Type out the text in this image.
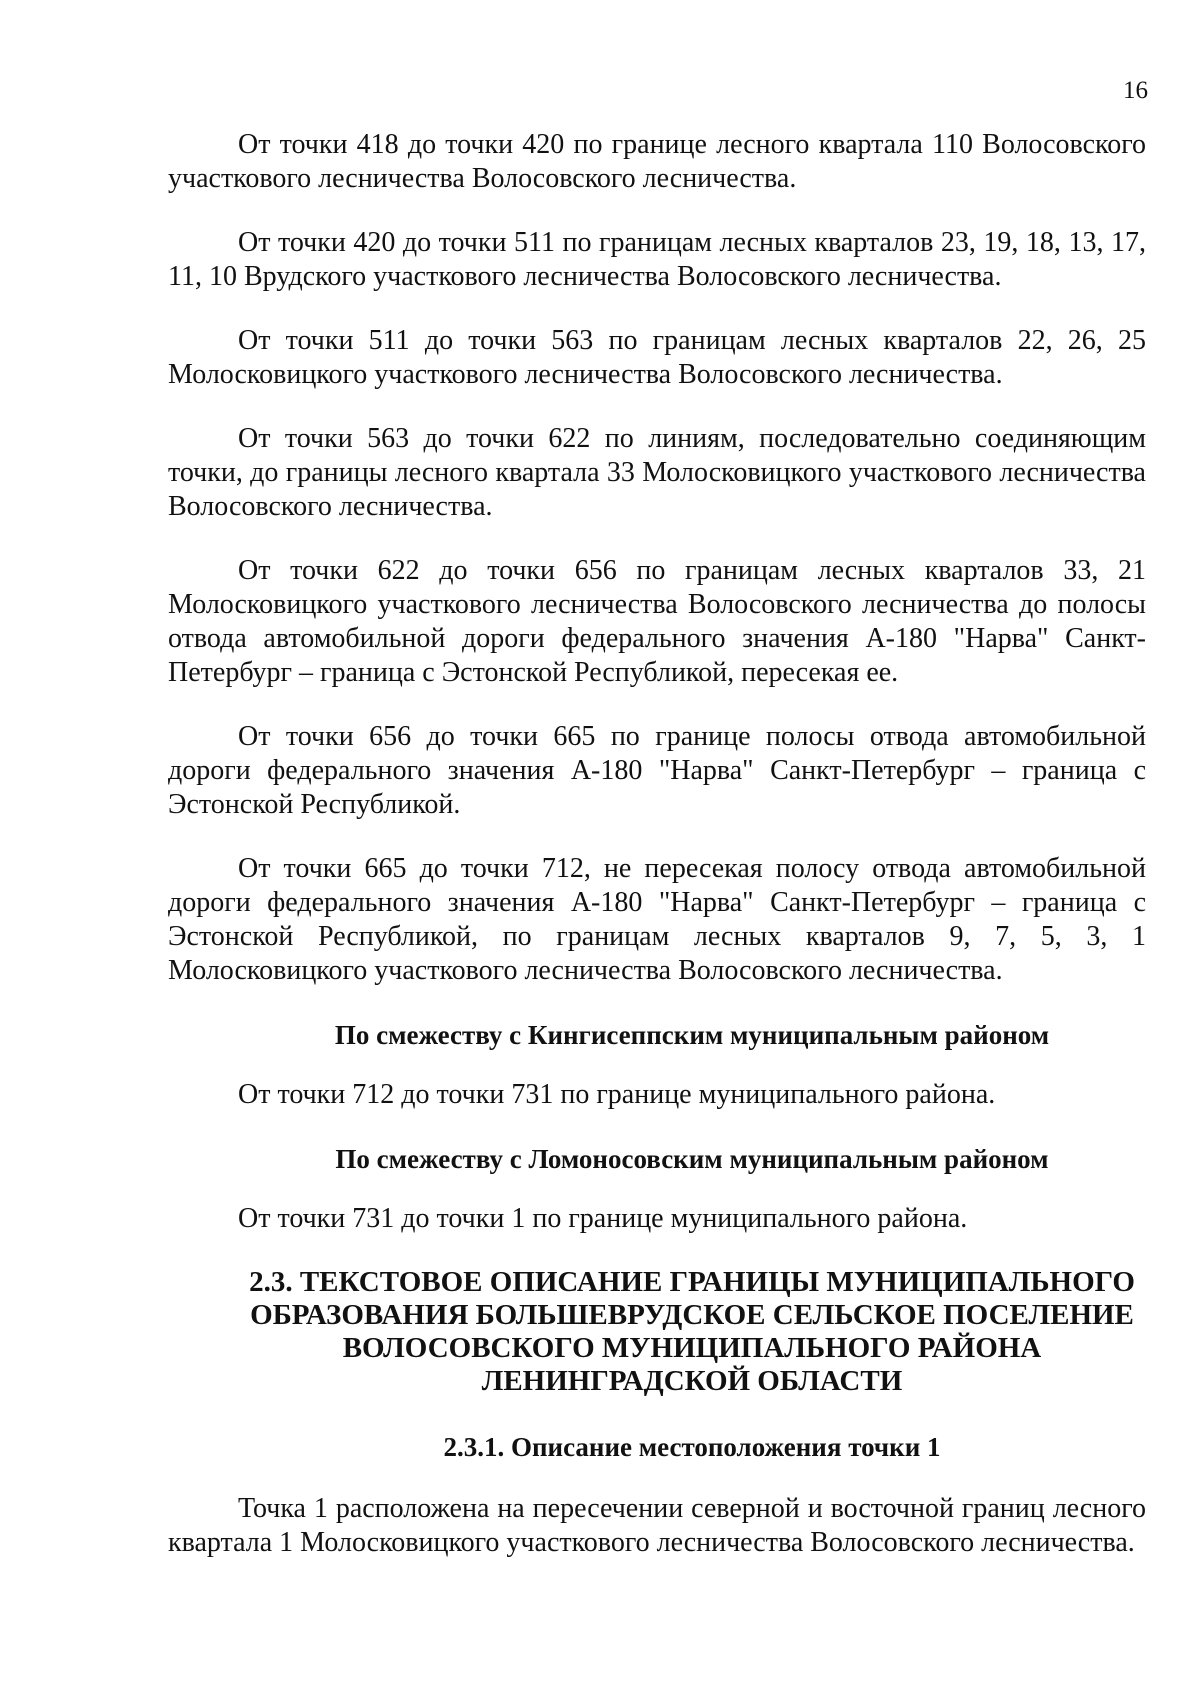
16

От точки 418 до точки 420 по границе лесного квартала 110 Волосовского участкового лесничества Волосовского лесничества.

От точки 420 до точки 511 по границам лесных кварталов 23, 19, 18, 13, 17, 11, 10 Врудского участкового лесничества Волосовского лесничества.

От точки 511 до точки 563 по границам лесных кварталов 22, 26, 25 Молосковицкого участкового лесничества Волосовского лесничества.

От точки 563 до точки 622 по линиям, последовательно соединяющим точки, до границы лесного квартала 33 Молосковицкого участкового лесничества Волосовского лесничества.

От точки 622 до точки 656 по границам лесных кварталов 33, 21 Молосковицкого участкового лесничества Волосовского лесничества до полосы отвода автомобильной дороги федерального значения А-180 "Нарва" Санкт-Петербург – граница с Эстонской Республикой, пересекая ее.

От точки 656 до точки 665 по границе полосы отвода автомобильной дороги федерального значения А-180 "Нарва" Санкт-Петербург – граница с Эстонской Республикой.

От точки 665 до точки 712, не пересекая полосу отвода автомобильной дороги федерального значения А-180 "Нарва" Санкт-Петербург – граница с Эстонской Республикой, по границам лесных кварталов 9, 7, 5, 3, 1 Молосковицкого участкового лесничества Волосовского лесничества.

По смежеству с Кингисеппским муниципальным районом

От точки 712 до точки 731 по границе муниципального района.

По смежеству с Ломоносовским муниципальным районом

От точки 731 до точки 1 по границе муниципального района.

2.3. ТЕКСТОВОЕ ОПИСАНИЕ ГРАНИЦЫ МУНИЦИПАЛЬНОГО
ОБРАЗОВАНИЯ БОЛЬШЕВРУДСКОЕ СЕЛЬСКОЕ ПОСЕЛЕНИЕ
ВОЛОСОВСКОГО МУНИЦИПАЛЬНОГО РАЙОНА
ЛЕНИНГРАДСКОЙ ОБЛАСТИ
2.3.1. Описание местоположения точки 1

Точка 1 расположена на пересечении северной и восточной границ лесного квартала 1 Молосковицкого участкового лесничества Волосовского лесничества.
